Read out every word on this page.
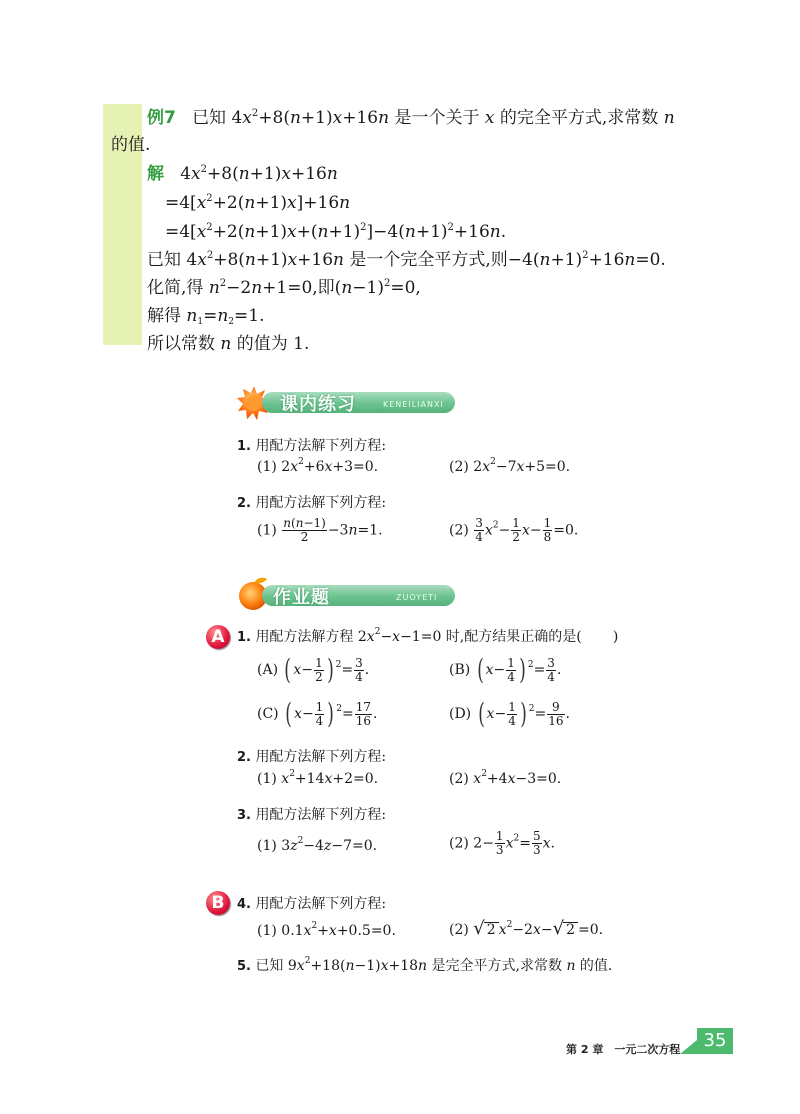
例7 已知 $4x^2+8(n+1)x+16n$ 是一个关于 x 的完全平方式,求常数 n
的值.
解 $4x^2+8(n+1)x+16n$
$=4[x^2+2(n+1)x]+16n$
$=4[x^2+2(n+1)x+(n+1)^2]-4(n+1)^2+16n$.
已知 $4x^2+8(n+1)x+16n$ 是一个完全平方式,则$-4(n+1)^2+16n=0$.
化简,得 $n^2-2n+1=0$,即$(n-1)^2=0$,
解得 $n_1=n_2=1$.
所以常数 n 的值为 1.
课内练习	KENEILIANXI
1. 用配方法解下列方程:
(1) $2x^2+6x+3=0$.	(2) $2x^2-7x+5=0$.
2. 用配方法解下列方程:
$(1) \frac{n(n-1)}{2} -3n=1$.	$(2) \frac{3}{4} x^2- \frac{1}{2} x- \frac{1}{8} =0$.
作业题	ZUOYETI
A 1. 用配方法解方程 $2x^2-x-1=0$ 时,配方结果正确的是(       )
(A) ( $x- \frac{1}{2}$ ) $^2= \frac{3}{4}$ .	(B) ( $x- \frac{1}{4}$ ) $^2= \frac{3}{4}$ .
(C) ( $x- \frac{1}{4}$ ) $^2= \frac{17}{16}$ .	(D) ( $x- \frac{1}{4}$ ) $^2= \frac{9}{16}$ .
2. 用配方法解下列方程:
(1) $x^2+14x+2=0$.	(2) $x^2+4x-3=0$.
3. 用配方法解下列方程:
(1) $3z^2-4z-7=0$.	(2) $2- \frac{1}{3} x^2= \frac{5}{3} x$.
B 4. 用配方法解下列方程:
(1) $0.1x^2+x+0.5=0$.	(2) √ 2 $x^2-2x-√$ 2 =0.
5. 已知 $9x^2+18(n-1)x+18n$ 是完全平方式,求常数 n 的值.
第 2 章　一元二次方程	35
